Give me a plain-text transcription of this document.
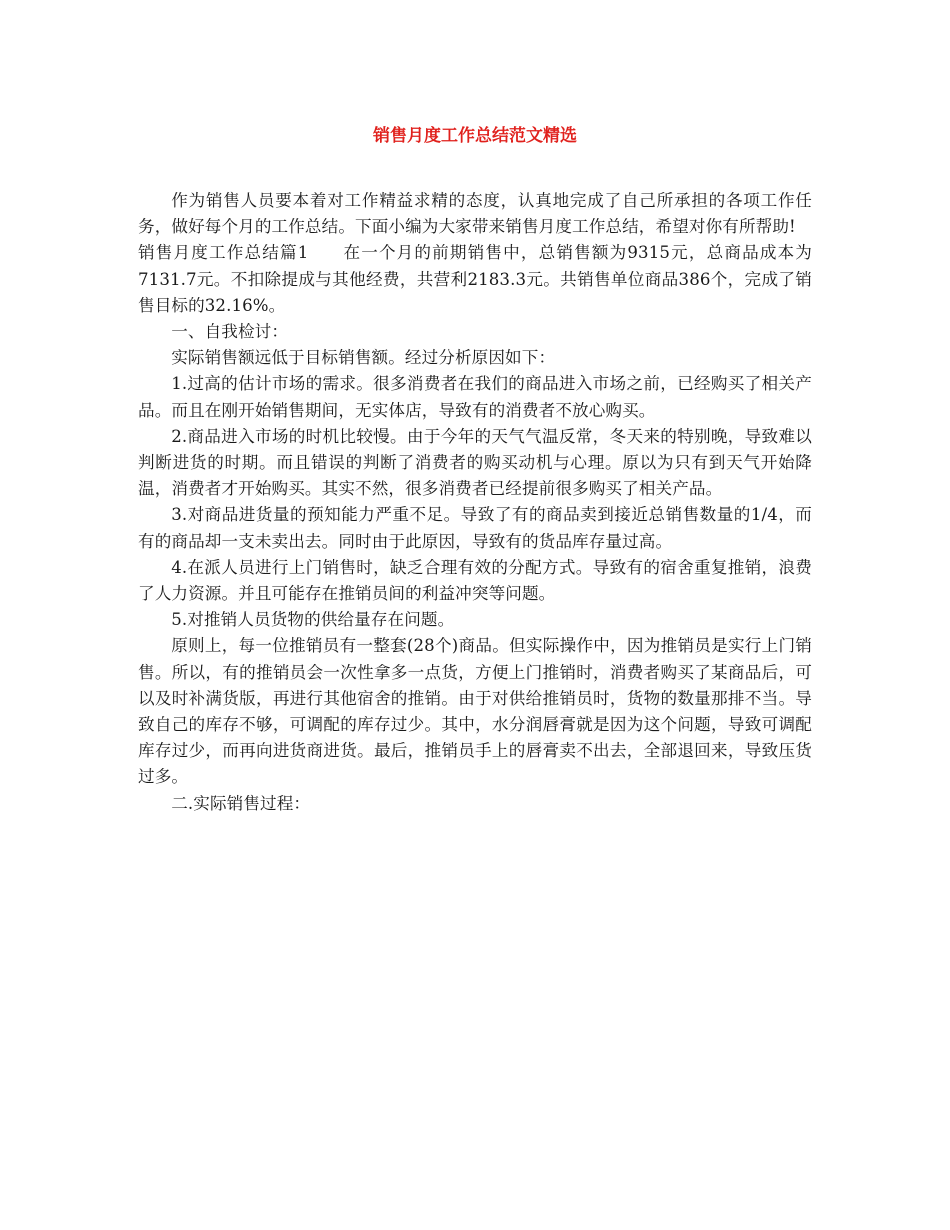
销售月度工作总结范文精选

作为销售人员要本着对工作精益求精的态度，认真地完成了自己所承担的各项工作任务，做好每个月的工作总结。下面小编为大家带来销售月度工作总结，希望对你有所帮助!

销售月度工作总结篇1 在一个月的前期销售中，总销售额为9315元，总商品成本为7131.7元。不扣除提成与其他经费，共营利2183.3元。共销售单位商品386个，完成了销售目标的32.16%。

一、自我检讨：

实际销售额远低于目标销售额。经过分析原因如下：

1.过高的估计市场的需求。很多消费者在我们的商品进入市场之前，已经购买了相关产品。而且在刚开始销售期间，无实体店，导致有的消费者不放心购买。

2.商品进入市场的时机比较慢。由于今年的天气气温反常，冬天来的特别晚，导致难以判断进货的时期。而且错误的判断了消费者的购买动机与心理。原以为只有到天气开始降温，消费者才开始购买。其实不然，很多消费者已经提前很多购买了相关产品。

3.对商品进货量的预知能力严重不足。导致了有的商品卖到接近总销售数量的1/4，而有的商品却一支未卖出去。同时由于此原因，导致有的货品库存量过高。

4.在派人员进行上门销售时，缺乏合理有效的分配方式。导致有的宿舍重复推销，浪费了人力资源。并且可能存在推销员间的利益冲突等问题。

5.对推销人员货物的供给量存在问题。

原则上，每一位推销员有一整套(28个)商品。但实际操作中，因为推销员是实行上门销售。所以，有的推销员会一次性拿多一点货，方便上门推销时，消费者购买了某商品后，可以及时补满货版，再进行其他宿舍的推销。由于对供给推销员时，货物的数量那排不当。导致自己的库存不够，可调配的库存过少。其中，水分润唇膏就是因为这个问题，导致可调配库存过少，而再向进货商进货。最后，推销员手上的唇膏卖不出去，全部退回来，导致压货过多。

二.实际销售过程：
